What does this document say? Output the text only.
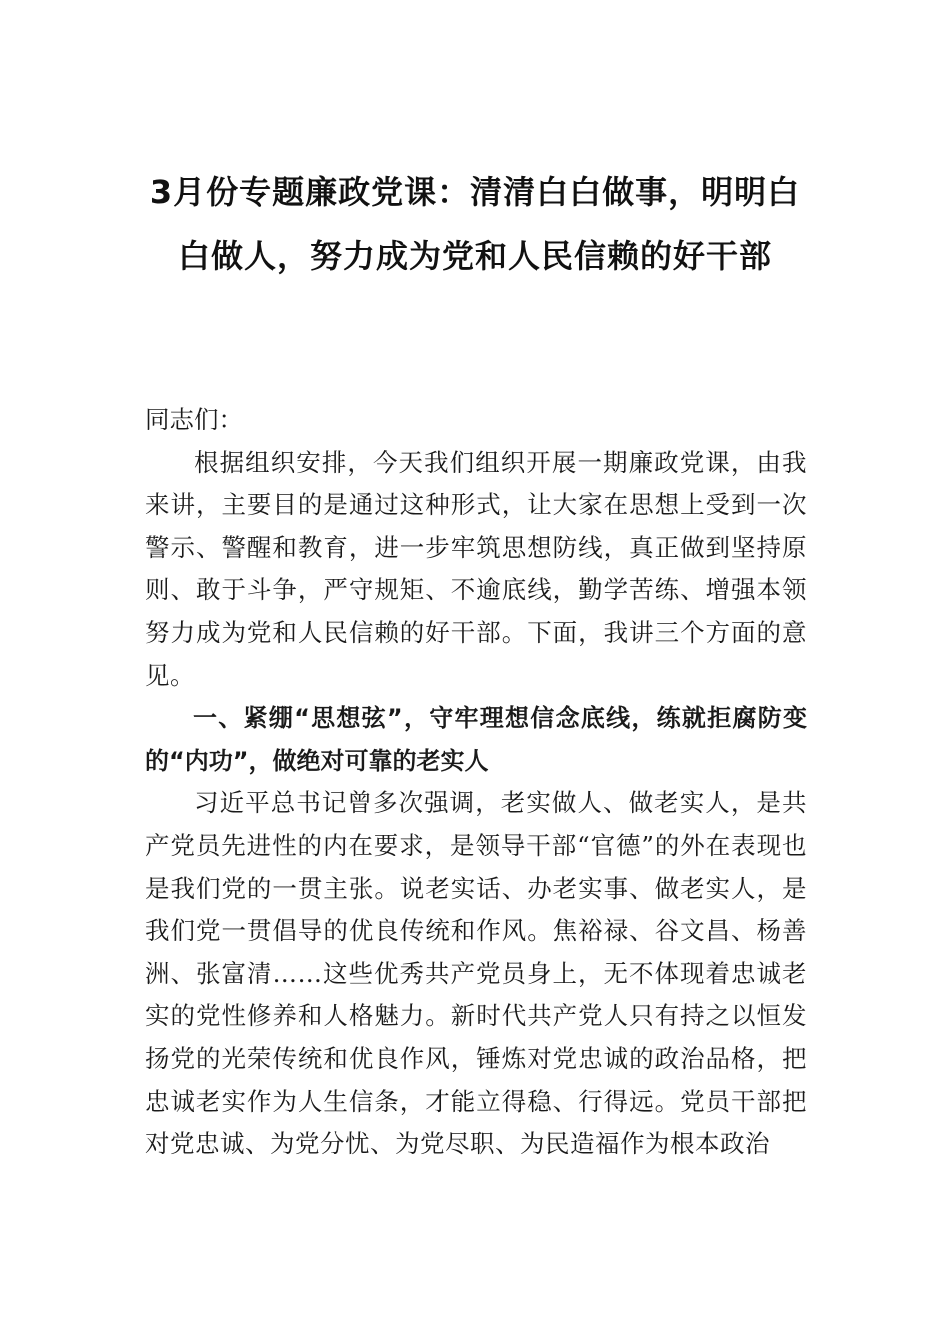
3月份专题廉政党课：清清白白做事，明明白白做人，努力成为党和人民信赖的好干部

同志们：

根据组织安排，今天我们组织开展一期廉政党课，由我来讲，主要目的是通过这种形式，让大家在思想上受到一次警示、警醒和教育，进一步牢筑思想防线，真正做到坚持原则、敢于斗争，严守规矩、不逾底线，勤学苦练、增强本领努力成为党和人民信赖的好干部。下面，我讲三个方面的意见。

一、紧绷“思想弦”，守牢理想信念底线，练就拒腐防变的“内功”，做绝对可靠的老实人

习近平总书记曾多次强调，老实做人、做老实人，是共产党员先进性的内在要求，是领导干部“官德”的外在表现也是我们党的一贯主张。说老实话、办老实事、做老实人，是我们党一贯倡导的优良传统和作风。焦裕禄、谷文昌、杨善洲、张富清……这些优秀共产党员身上，无不体现着忠诚老实的党性修养和人格魅力。新时代共产党人只有持之以恒发扬党的光荣传统和优良作风，锤炼对党忠诚的政治品格，把忠诚老实作为人生信条，才能立得稳、行得远。党员干部把对党忠诚、为党分忧、为党尽职、为民造福作为根本政治
